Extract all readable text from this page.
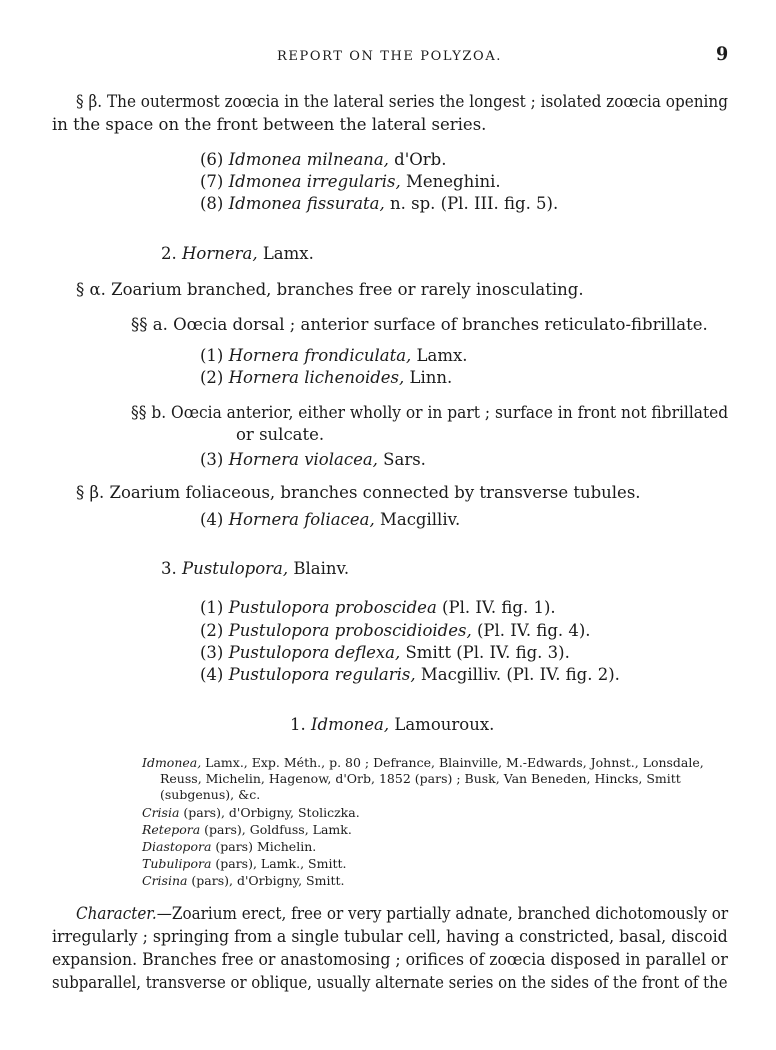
REPORT ON THE POLYZOA.	9
§ β. The outermost zoœcia in the lateral series the longest ; isolated zoœcia opening
in the space on the front between the lateral series.
(6) Idmonea milneana, d'Orb.
(7) Idmonea irregularis, Meneghini.
(8) Idmonea fissurata, n. sp. (Pl. III. fig. 5).
2. Hornera, Lamx.
§ α. Zoarium branched, branches free or rarely inosculating.
§§ a. Oœcia dorsal ; anterior surface of branches reticulato-fibrillate.
(1) Hornera frondiculata, Lamx.
(2) Hornera lichenoides, Linn.
§§ b. Oœcia anterior, either wholly or in part ; surface in front not fibrillated
or sulcate.
(3) Hornera violacea, Sars.
§ β. Zoarium foliaceous, branches connected by transverse tubules.
(4) Hornera foliacea, Macgilliv.
3. Pustulopora, Blainv.
(1) Pustulopora proboscidea (Pl. IV. fig. 1).
(2) Pustulopora proboscidioides, (Pl. IV. fig. 4).
(3) Pustulopora deflexa, Smitt (Pl. IV. fig. 3).
(4) Pustulopora regularis, Macgilliv. (Pl. IV. fig. 2).
1. Idmonea, Lamouroux.
Idmonea, Lamx., Exp. Méth., p. 80 ; Defrance, Blainville, M.-Edwards, Johnst., Lonsdale,
Reuss, Michelin, Hagenow, d'Orb, 1852 (pars) ; Busk, Van Beneden, Hincks, Smitt
(subgenus), &c.
Crisia (pars), d'Orbigny, Stoliczka.
Retepora (pars), Goldfuss, Lamk.
Diastopora (pars) Michelin.
Tubulipora (pars), Lamk., Smitt.
Crisina (pars), d'Orbigny, Smitt.
Character.—Zoarium erect, free or very partially adnate, branched dichotomously or
irregularly ; springing from a single tubular cell, having a constricted, basal, discoid
expansion. Branches free or anastomosing ; orifices of zoœcia disposed in parallel or
subparallel, transverse or oblique, usually alternate series on the sides of the front of the
